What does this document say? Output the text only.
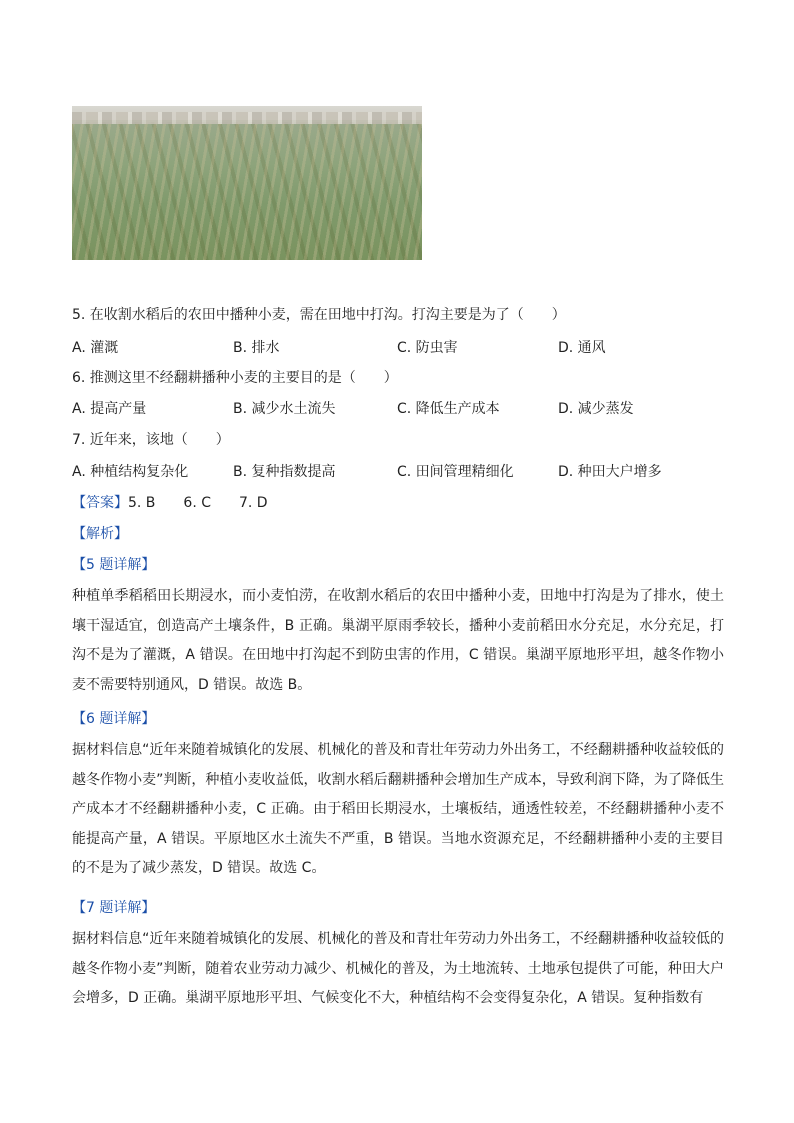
5. 在收割水稻后的农田中播种小麦，需在田地中打沟。打沟主要是为了（　　）
A. 灌溉	B. 排水	C. 防虫害	D. 通风
6. 推测这里不经翻耕播种小麦的主要目的是（　　）
A. 提高产量	B. 减少水土流失	C. 降低生产成本	D. 减少蒸发
7. 近年来，该地（　　）
A. 种植结构复杂化	B. 复种指数提高	C. 田间管理精细化	D. 种田大户增多
【答案】5. B　　6. C　　7. D
【解析】
【5 题详解】
种植单季稻稻田长期浸水，而小麦怕涝，在收割水稻后的农田中播种小麦，田地中打沟是为了排水，使土壤干湿适宜，创造高产土壤条件，B 正确。巢湖平原雨季较长，播种小麦前稻田水分充足，水分充足，打沟不是为了灌溉，A 错误。在田地中打沟起不到防虫害的作用，C 错误。巢湖平原地形平坦，越冬作物小麦不需要特别通风，D 错误。故选 B。
【6 题详解】
据材料信息“近年来随着城镇化的发展、机械化的普及和青壮年劳动力外出务工，不经翻耕播种收益较低的越冬作物小麦”判断，种植小麦收益低，收割水稻后翻耕播种会增加生产成本，导致利润下降，为了降低生产成本才不经翻耕播种小麦，C 正确。由于稻田长期浸水，土壤板结，通透性较差，不经翻耕播种小麦不能提高产量，A 错误。平原地区水土流失不严重，B 错误。当地水资源充足，不经翻耕播种小麦的主要目的不是为了减少蒸发，D 错误。故选 C。
【7 题详解】
据材料信息“近年来随着城镇化的发展、机械化的普及和青壮年劳动力外出务工，不经翻耕播种收益较低的越冬作物小麦”判断，随着农业劳动力减少、机械化的普及，为土地流转、土地承包提供了可能，种田大户会增多，D 正确。巢湖平原地形平坦、气候变化不大，种植结构不会变得复杂化，A 错误。复种指数有
